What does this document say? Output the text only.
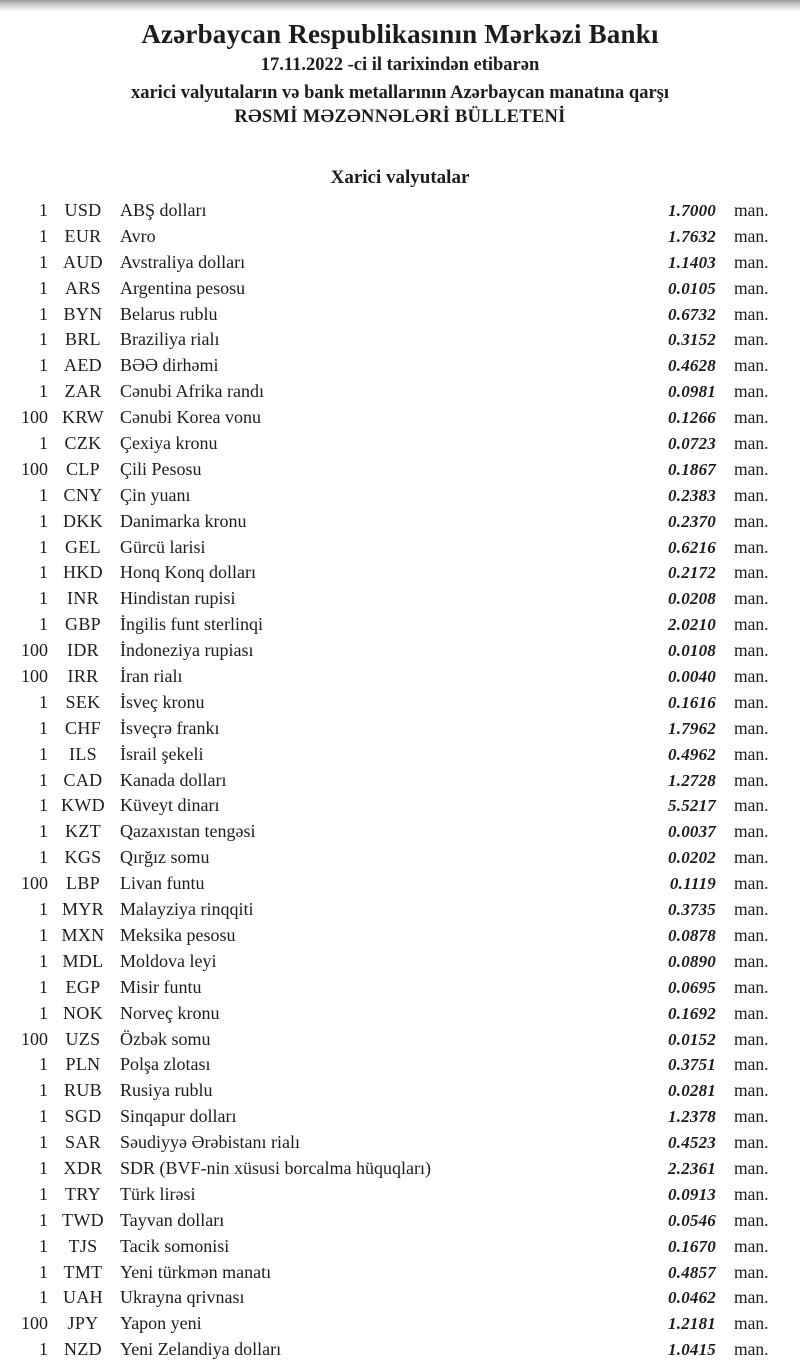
Azərbaycan Respublikasının Mərkəzi Bankı
17.11.2022 -ci il tarixindən etibarən
xarici valyutaların və bank metallarının Azərbaycan manatına qarşı
RƏSMİ MƏZƏNNƏLƏRİ BÜLLETENİ
Xarici valyutalar
1 USD	ABŞ dolları	1.7000 man.
1 EUR	Avro	1.7632 man.
1 AUD Avstraliya dolları	1.1403 man.
1 ARS	Argentina pesosu	0.0105 man.
1 BYN Belarus rublu	0.6732 man.
1 BRL	Braziliya rialı	0.3152 man.
1 AED	BƏƏ dirhəmi	0.4628 man.
1 ZAR	Cənubi Afrika randı	0.0981 man.
100 KRW Cənubi Korea vonu	0.1266 man.
1 CZK	Çexiya kronu	0.0723 man.
100	CLP	Çili Pesosu	0.1867 man.
1 CNY Çin yuanı	0.2383 man.
1 DKK Danimarka kronu	0.2370 man.
1 GEL	Gürcü larisi	0.6216 man.
1 HKD Honq Konq dolları	0.2172 man.
1	INR	Hindistan rupisi	0.0208 man.
1 GBP	İngilis funt sterlinqi	2.0210 man.
100	IDR	İndoneziya rupiası	0.0108 man.
100	IRR	İran rialı	0.0040 man.
1 SEK	İsveç kronu	0.1616 man.
1 CHF	İsveçrə frankı	1.7962 man.
1	ILS	İsrail şekeli	0.4962 man.
1 CAD Kanada dolları	1.2728 man.
1 KWD Küveyt dinarı	5.5217 man.
1 KZT	Qazaxıstan tengəsi	0.0037 man.
1 KGS	Qırğız somu	0.0202 man.
100	LBP	Livan funtu	0.1119 man.
1 MYR Malayziya rinqqiti	0.3735 man.
1 MXN Meksika pesosu	0.0878 man.
1 MDL Moldova leyi	0.0890 man.
1 EGP	Misir funtu	0.0695 man.
1 NOK Norveç kronu	0.1692 man.
100 UZS	Özbək somu	0.0152 man.
1 PLN	Polşa zlotası	0.3751 man.
1 RUB	Rusiya rublu	0.0281 man.
1 SGD	Sinqapur dolları	1.2378 man.
1 SAR	Səudiyyə Ərəbistanı rialı	0.4523 man.
1 XDR SDR (BVF-nin xüsusi borcalma hüquqları)	2.2361 man.
1 TRY	Türk lirəsi	0.0913 man.
1 TWD Tayvan dolları	0.0546 man.
1	TJS	Tacik somonisi	0.1670 man.
1 TMT Yeni türkmən manatı	0.4857 man.
1 UAH Ukrayna qrivnası	0.0462 man.
100	JPY	Yapon yeni	1.2181 man.
1 NZD	Yeni Zelandiya dolları	1.0415 man.
